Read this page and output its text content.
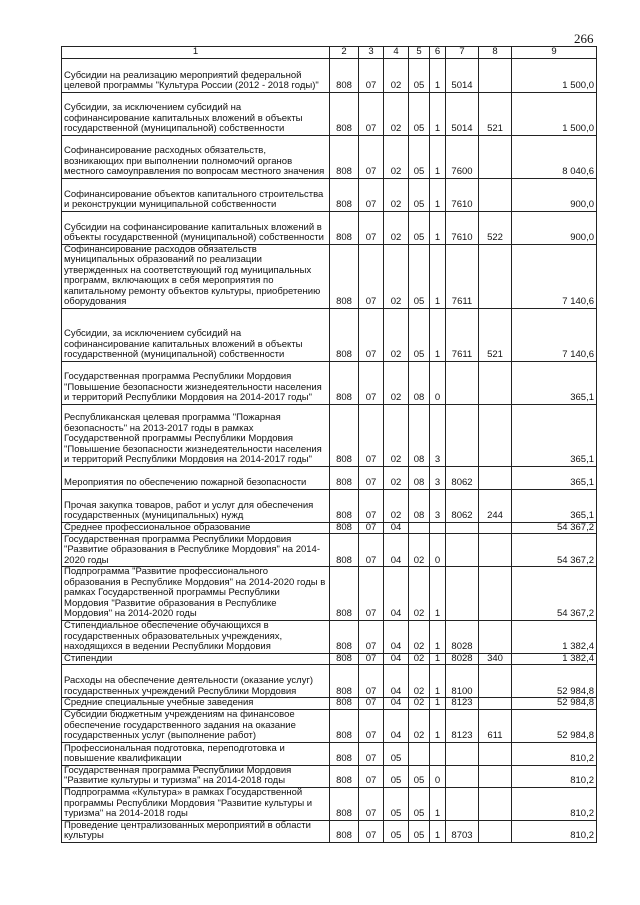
266
1	2	3	4	5	6	7	8	9
Субсидии на реализацию мероприятий федеральной целевой программы "Культура России (2012 - 2018 годы)"	808	07	02	05	1	5014		1 500,0
Субсидии, за исключением субсидий на софинансирование капитальных вложений в объекты государственной (муниципальной) собственности	808	07	02	05	1	5014	521	1 500,0
Софинансирование расходных обязательств, возникающих при выполнении полномочий органов местного самоуправления по вопросам местного значения	808	07	02	05	1	7600		8 040,6
Софинансирование объектов капитального строительства и реконструкции муниципальной собственности	808	07	02	05	1	7610		900,0
Субсидии на софинансирование капитальных вложений в объекты государственной (муниципальной) собственности	808	07	02	05	1	7610	522	900,0
Софинансирование расходов обязательств муниципальных образований по реализации утвержденных на соответствующий год муниципальных программ, включающих в себя мероприятия по капитальному ремонту объектов культуры, приобретению оборудования	808	07	02	05	1	7611		7 140,6
Субсидии, за исключением субсидий на софинансирование капитальных вложений в объекты государственной (муниципальной) собственности	808	07	02	05	1	7611	521	7 140,6
Государственная программа Республики Мордовия "Повышение безопасности жизнедеятельности населения и территорий Республики Мордовия на 2014-2017 годы"	808	07	02	08	0			365,1
Республиканская целевая программа "Пожарная безопасность" на 2013-2017 годы в рамках Государственной программы Республики Мордовия "Повышение безопасности жизнедеятельности населения и территорий Республики Мордовия на 2014-2017 годы"	808	07	02	08	3			365,1
Мероприятия по обеспечению пожарной безопасности	808	07	02	08	3	8062		365,1
Прочая закупка товаров, работ и услуг для обеспечения государственных (муниципальных) нужд	808	07	02	08	3	8062	244	365,1
Среднее профессиональное образование	808	07	04					54 367,2
Государственная программа Республики Мордовия "Развитие образования в Республике Мордовия" на 2014-2020 годы	808	07	04	02	0			54 367,2
Подпрограмма "Развитие профессионального образования в Республике Мордовия" на 2014-2020 годы в рамках Государственной программы Республики Мордовия "Развитие образования в Республике Мордовия" на 2014-2020 годы	808	07	04	02	1			54 367,2
Стипендиальное обеспечение обучающихся в государственных образовательных учреждениях, находящихся в ведении Республики Мордовия	808	07	04	02	1	8028		1 382,4
Стипендии	808	07	04	02	1	8028	340	1 382,4
Расходы на обеспечение деятельности (оказание услуг) государственных учреждений Республики Мордовия	808	07	04	02	1	8100		52 984,8
Средние специальные учебные заведения	808	07	04	02	1	8123		52 984,8
Субсидии бюджетным учреждениям на финансовое обеспечение государственного задания на оказание государственных услуг (выполнение работ)	808	07	04	02	1	8123	611	52 984,8
Профессиональная подготовка, переподготовка и повышение квалификации	808	07	05					810,2
Государственная программа Республики Мордовия "Развитие культуры и туризма" на 2014-2018 годы	808	07	05	05	0			810,2
Подпрограмма «Культура» в рамках Государственной программы Республики Мордовия "Развитие культуры и туризма" на 2014-2018 годы	808	07	05	05	1			810,2
Проведение централизованных мероприятий в области культуры	808	07	05	05	1	8703		810,2
